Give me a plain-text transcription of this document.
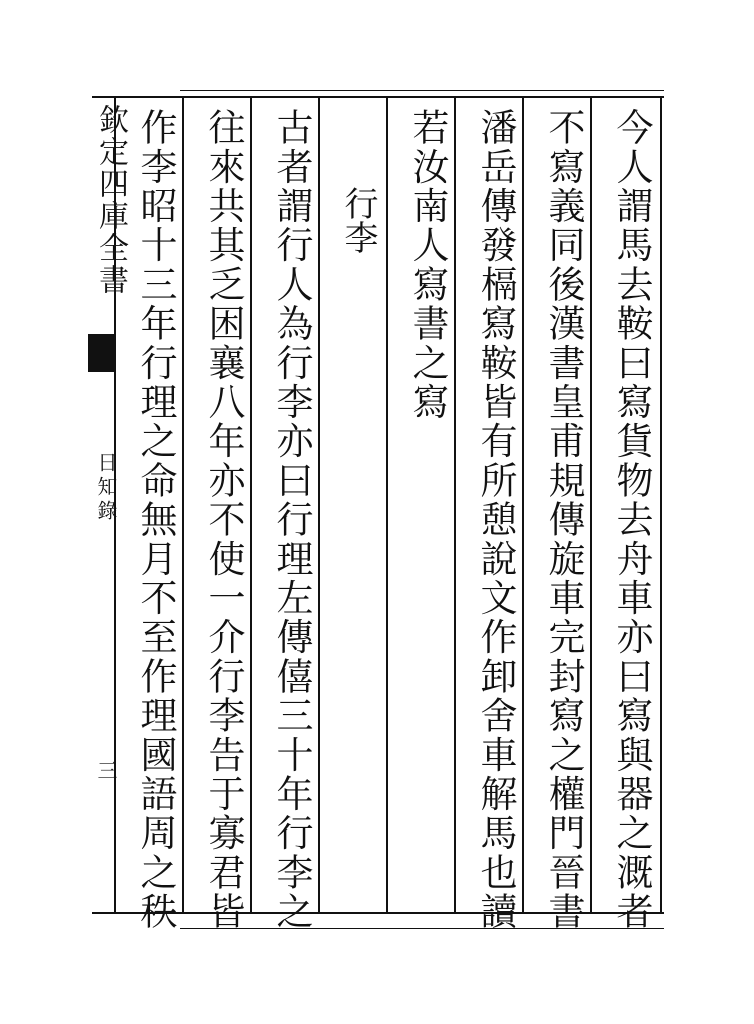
欽定四庫全書
日知錄
三	今人謂馬去鞍曰寫貨物去舟車亦曰寫與器之溉者
不寫義同後漢書皇甫規傳旋車完封寫之權門晉書
潘岳傳發槅寫鞍皆有所憩說文作卸舍車解馬也讀
若汝南人寫書之寫
行李
古者謂行人為行李亦曰行理左傳僖三十年行李之
往來共其乏困襄八年亦不使一介行李告于寡君皆
作李昭十三年行理之命無月不至作理國語周之秩
